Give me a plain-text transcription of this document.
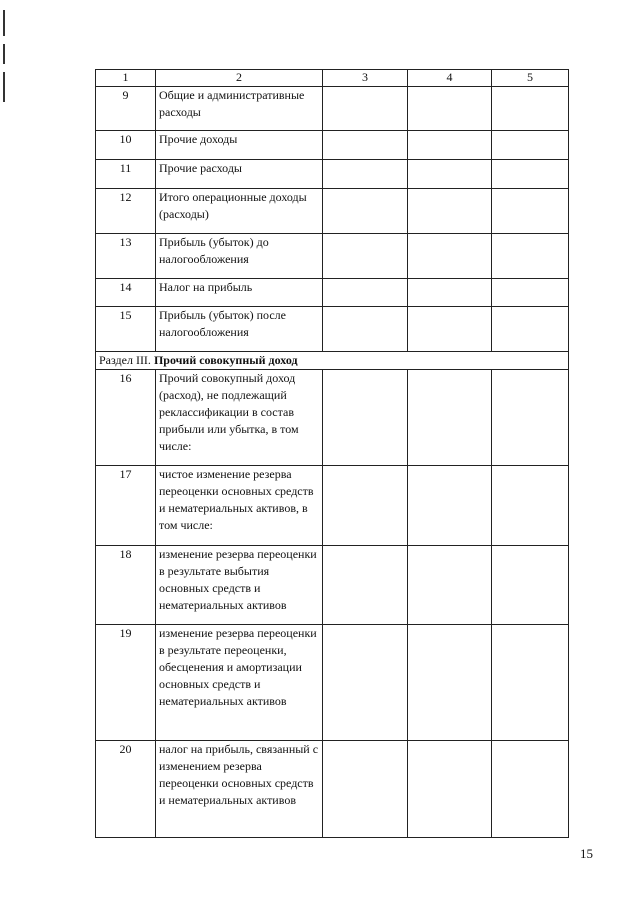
1	2	3	4	5
9	Общие и административные расходы			
10	Прочие доходы			
11	Прочие расходы			
12	Итого операционные доходы (расходы)			
13	Прибыль (убыток) до налогообложения			
14	Налог на прибыль			
15	Прибыль (убыток) после налогообложения			
Раздел III. Прочий совокупный доход				
16	Прочий совокупный доход (расход), не подлежащий реклассификации в состав прибыли или убытка, в том числе:			
17	чистое изменение резерва переоценки основных средств и нематериальных активов, в том числе:			
18	изменение резерва переоценки в результате выбытия основных средств и нематериальных активов			
19	изменение резерва переоценки в результате переоценки, обесценения и амортизации основных средств и нематериальных активов			
20	налог на прибыль, связанный с изменением резерва переоценки основных средств и нематериальных активов			
15
